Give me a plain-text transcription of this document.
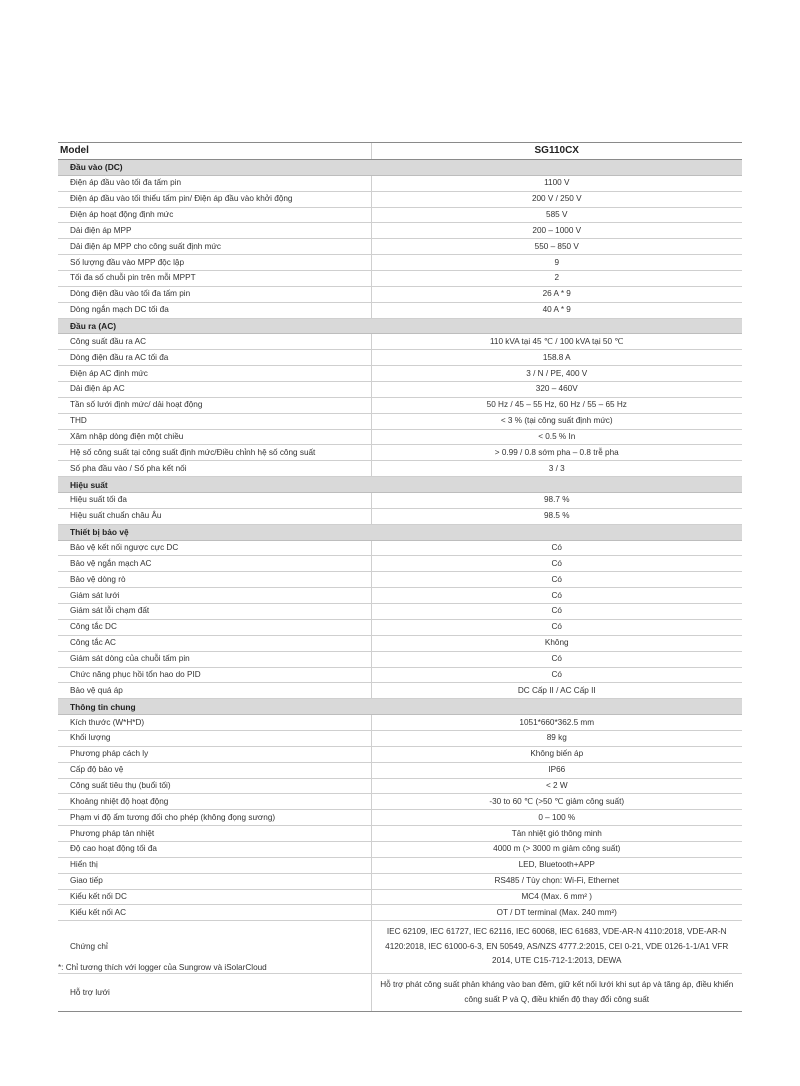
Model	SG110CX
Đầu vào (DC)	
Điện áp đầu vào tối đa tấm pin	1100 V
Điện áp đầu vào tối thiểu tấm pin/ Điện áp đầu vào khởi động	200 V / 250 V
Điện áp hoạt động định mức	585 V
Dải điện áp MPP	200 – 1000 V
Dải điện áp MPP cho công suất định mức	550 – 850 V
Số lượng đầu vào MPP độc lập	9
Tối đa số chuỗi pin trên mỗi MPPT	2
Dòng điện đầu vào tối đa tấm pin	26 A * 9
Dòng ngắn mạch DC tối đa	40 A * 9
Đầu ra (AC)	
Công suất đầu ra AC	110 kVA tại 45 ℃ / 100 kVA tại 50 ℃
Dòng điện đầu ra AC tối đa	158.8 A
Điện áp AC định mức	3 / N / PE, 400 V
Dải điện áp AC	320 – 460V
Tần số lưới định mức/ dải hoạt động	50 Hz / 45 – 55 Hz, 60 Hz / 55 – 65 Hz
THD	< 3 % (tại công suất định mức)
Xâm nhập dòng điện một chiều	< 0.5 % In
Hệ số công suất tại công suất định mức/Điều chỉnh hệ số công suất	> 0.99 / 0.8 sớm pha – 0.8 trễ pha
Số pha đầu vào / Số pha kết nối	3 / 3
Hiệu suất	
Hiệu suất tối đa	98.7 %
Hiệu suất chuẩn châu Âu	98.5 %
Thiết bị bảo vệ	
Bảo vệ kết nối ngược cực DC	Có
Bảo vệ ngắn mạch AC	Có
Bảo vệ dòng rò	Có
Giám sát lưới	Có
Giám sát lỗi chạm đất	Có
Công tắc DC	Có
Công tắc AC	Không
Giám sát dòng của chuỗi tấm pin	Có
Chức năng phục hồi tổn hao do PID	Có
Bảo vệ quá áp	DC Cấp II / AC Cấp II
Thông tin chung	
Kích thước (W*H*D)	1051*660*362.5 mm
Khối lượng	89 kg
Phương pháp cách ly	Không biến áp
Cấp độ bảo vệ	IP66
Công suất tiêu thụ (buổi tối)	< 2 W
Khoảng nhiệt độ hoạt động	-30 to 60 ℃ (>50 ℃ giảm công suất)
Phạm vi độ ẩm tương đối cho phép (không đọng sương)	0 – 100 %
Phương pháp tản nhiệt	Tản nhiệt gió thông minh
Độ cao hoạt động tối đa	4000 m (> 3000 m giảm công suất)
Hiển thị	LED, Bluetooth+APP
Giao tiếp	RS485 / Tùy chọn: Wi-Fi, Ethernet
Kiểu kết nối DC	MC4 (Max. 6 mm² )
Kiểu kết nối AC	OT / DT terminal (Max. 240 mm²)
Chứng chỉ	IEC 62109, IEC 61727, IEC 62116, IEC 60068, IEC 61683, VDE-AR-N 4110:2018, VDE-AR-N 4120:2018, IEC 61000-6-3, EN 50549, AS/NZS 4777.2:2015, CEI 0-21, VDE 0126-1-1/A1 VFR 2014, UTE C15-712-1:2013, DEWA
Hỗ trợ lưới	Hỗ trợ phát công suất phản kháng vào ban đêm, giữ kết nối lưới khi sụt áp và tăng áp, điều khiển công suất P và Q, điều khiển độ thay đổi công suất
*: Chỉ tương thích với logger của Sungrow và iSolarCloud
